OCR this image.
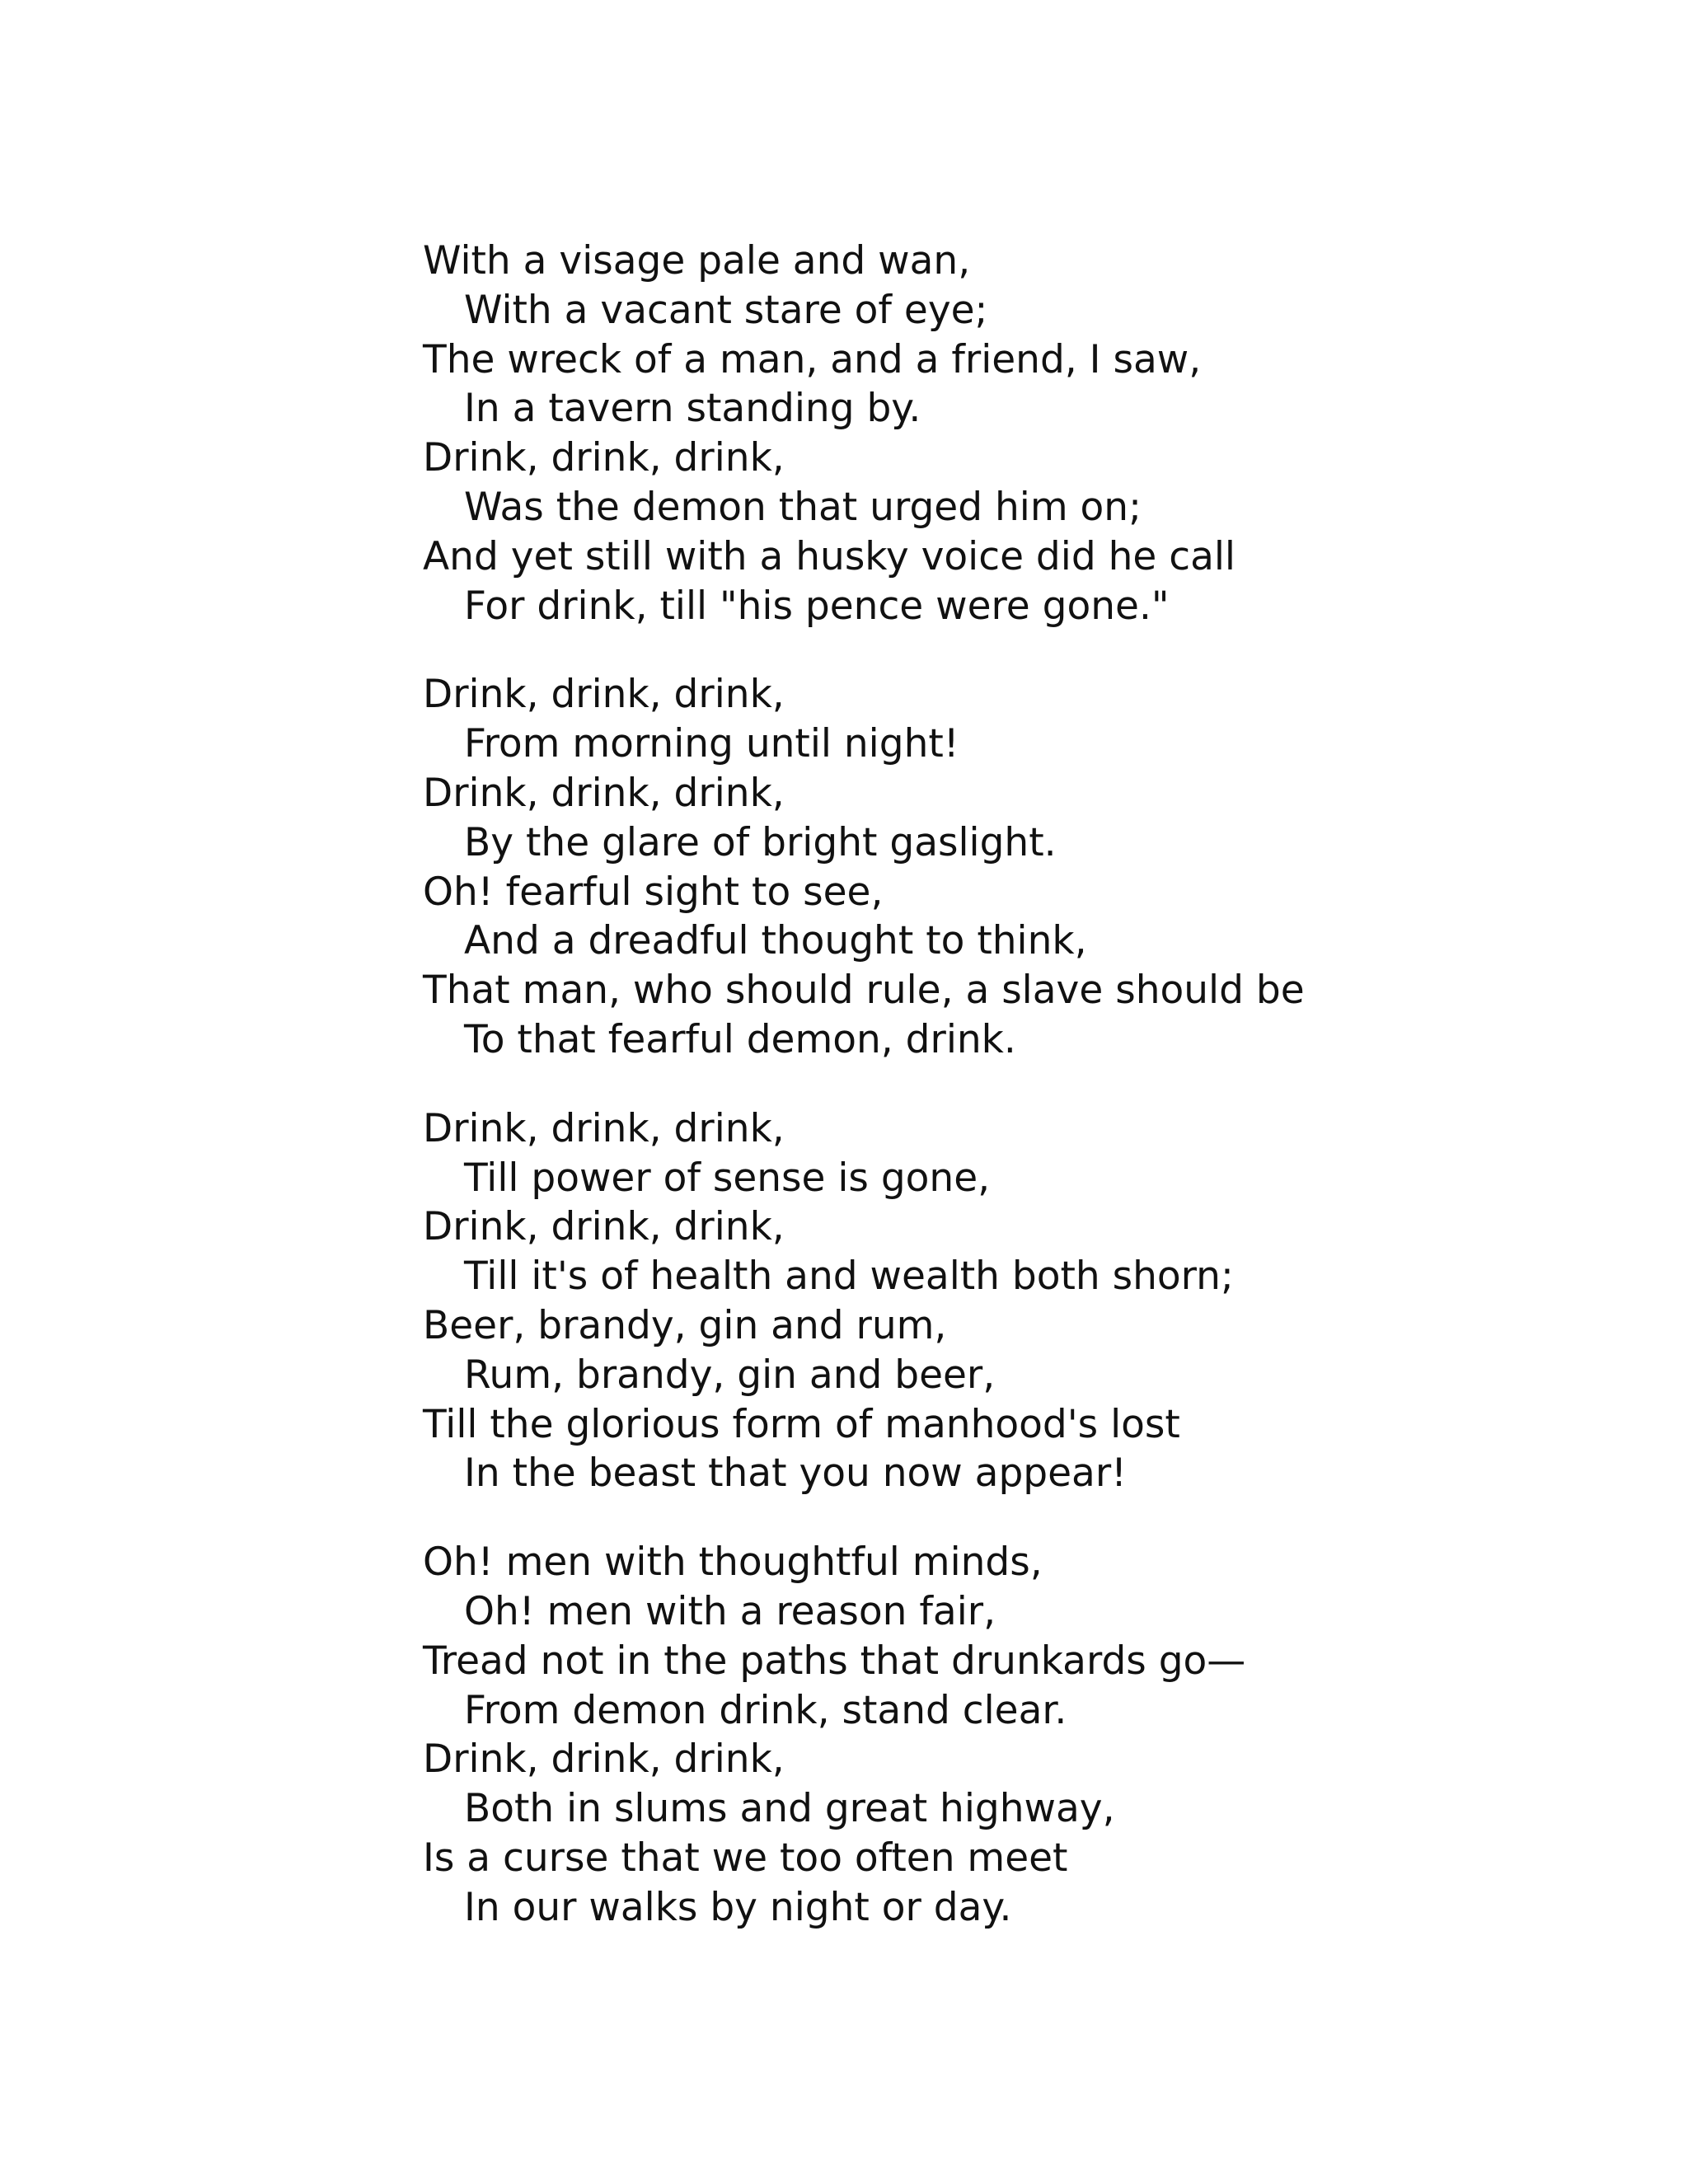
With a visage pale and wan,
With a vacant stare of eye;
The wreck of a man, and a friend, I saw,
In a tavern standing by.
Drink, drink, drink,
Was the demon that urged him on;
And yet still with a husky voice did he call
For drink, till "his pence were gone."
Drink, drink, drink,
From morning until night!
Drink, drink, drink,
By the glare of bright gaslight.
Oh! fearful sight to see,
And a dreadful thought to think,
That man, who should rule, a slave should be
To that fearful demon, drink.
Drink, drink, drink,
Till power of sense is gone,
Drink, drink, drink,
Till it's of health and wealth both shorn;
Beer, brandy, gin and rum,
Rum, brandy, gin and beer,
Till the glorious form of manhood's lost
In the beast that you now appear!
Oh! men with thoughtful minds,
Oh! men with a reason fair,
Tread not in the paths that drunkards go—
From demon drink, stand clear.
Drink, drink, drink,
Both in slums and great highway,
Is a curse that we too often meet
In our walks by night or day.
